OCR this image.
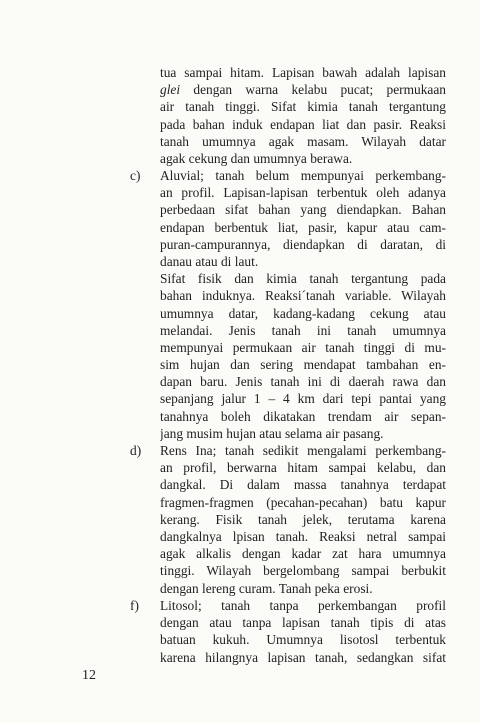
tua sampai hitam. Lapisan bawah adalah lapisan
glei dengan warna kelabu pucat; permukaan
air tanah tinggi. Sifat kimia tanah tergantung
pada bahan induk endapan liat dan pasir. Reaksi
tanah umumnya agak masam. Wilayah datar
agak cekung dan umumnya berawa.
c) Aluvial; tanah belum mempunyai perkembang-
an profil. Lapisan-lapisan terbentuk oleh adanya
perbedaan sifat bahan yang diendapkan. Bahan
endapan berbentuk liat, pasir, kapur atau cam-
puran-campurannya, diendapkan di daratan, di
danau atau di laut.
Sifat fisik dan kimia tanah tergantung pada
bahan induknya. Reaksi´tanah variable. Wilayah
umumnya datar, kadang-kadang cekung atau
melandai. Jenis tanah ini tanah umumnya
mempunyai permukaan air tanah tinggi di mu-
sim hujan dan sering mendapat tambahan en-
dapan baru. Jenis tanah ini di daerah rawa dan
sepanjang jalur 1 – 4 km dari tepi pantai yang
tanahnya boleh dikatakan trendam air sepan-
jang musim hujan atau selama air pasang.
d) Rens Ina; tanah sedikit mengalami perkembang-
an profil, berwarna hitam sampai kelabu, dan
dangkal. Di dalam massa tanahnya terdapat
fragmen-fragmen (pecahan-pecahan) batu kapur
kerang. Fisik tanah jelek, terutama karena
dangkalnya lpisan tanah. Reaksi netral sampai
agak alkalis dengan kadar zat hara umumnya
tinggi. Wilayah bergelombang sampai berbukit
dengan lereng curam. Tanah peka erosi.
f) Litosol; tanah tanpa perkembangan profil
dengan atau tanpa lapisan tanah tipis di atas
batuan kukuh. Umumnya lisotosl terbentuk
karena hilangnya lapisan tanah, sedangkan sifat
12
